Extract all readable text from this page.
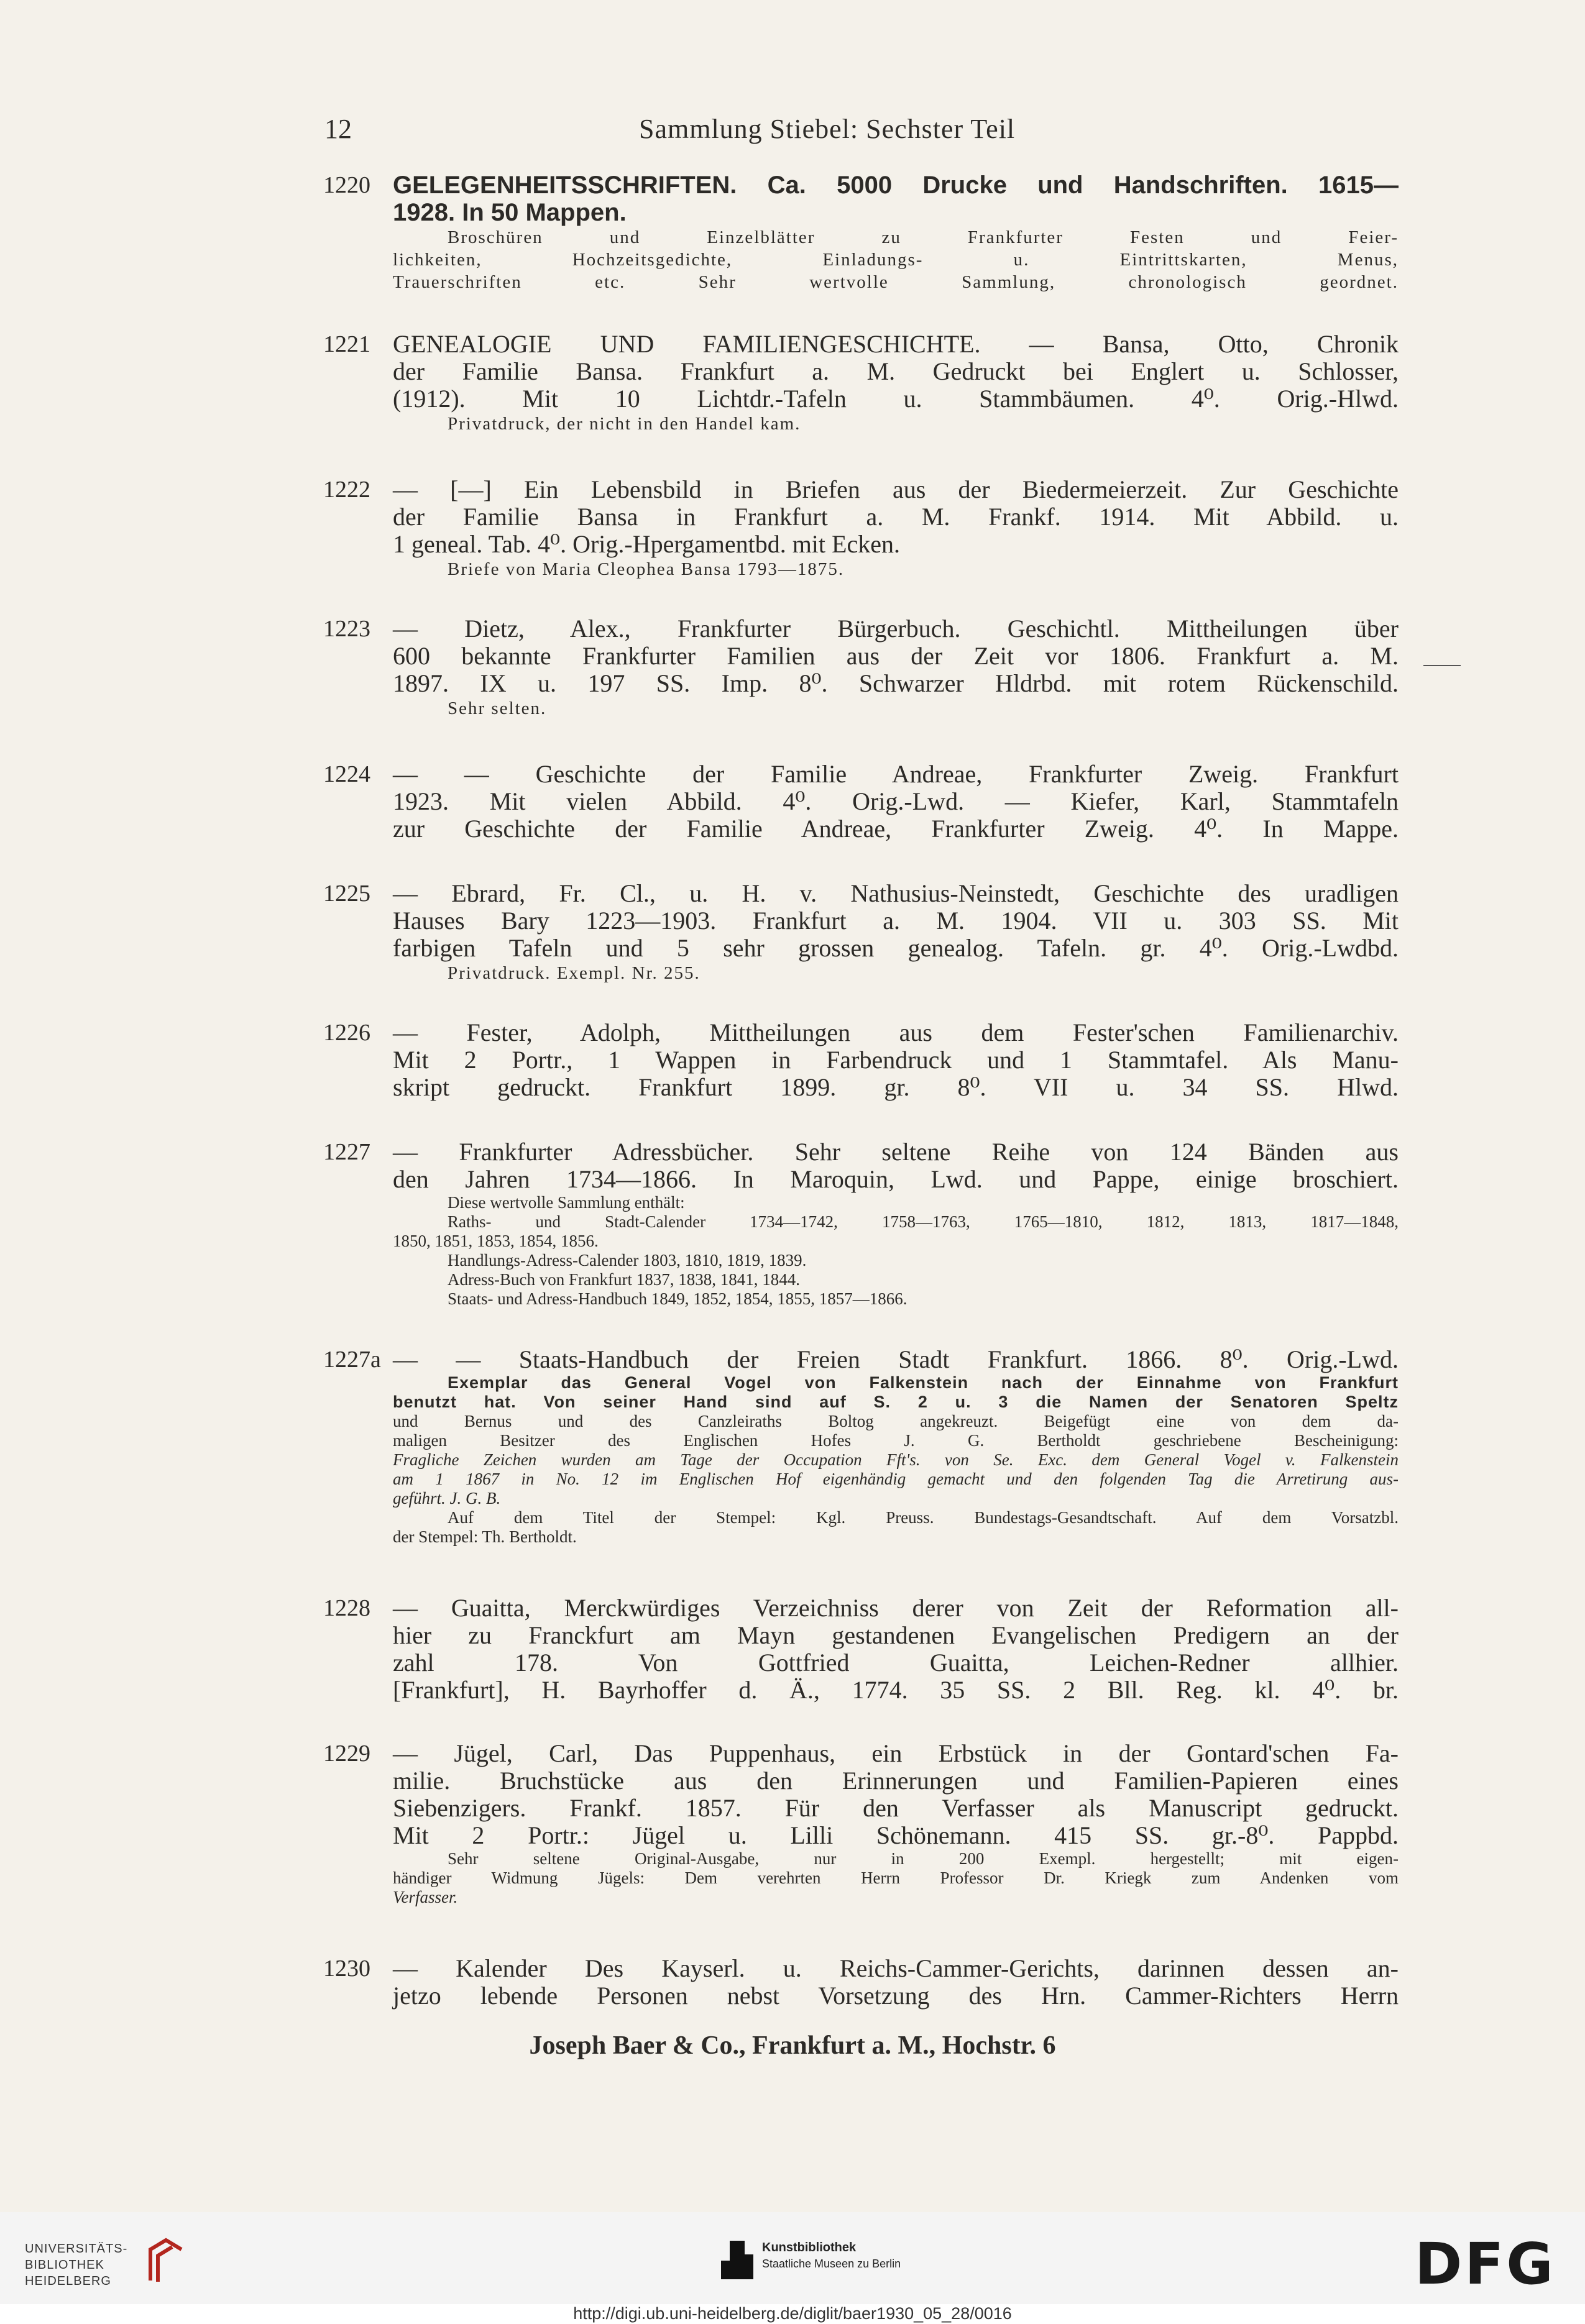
12	Sammlung Stiebel: Sechster Teil
1220 GELEGENHEITSSCHRIFTEN. Ca. 5000 Drucke und Handschriften. 1615—
1928. In 50 Mappen.
Broschüren und Einzelblätter zu Frankfurter Festen und Feier-
lichkeiten, Hochzeitsgedichte, Einladungs- u. Eintrittskarten, Menus,
Trauerschriften etc. Sehr wertvolle Sammlung, chronologisch geordnet.
1221 GENEALOGIE UND FAMILIENGESCHICHTE. — Bansa, Otto, Chronik
der Familie Bansa. Frankfurt a. M. Gedruckt bei Englert u. Schlosser,
(1912). Mit 10 Lichtdr.-Tafeln u. Stammbäumen. 4⁰. Orig.-Hlwd.
Privatdruck, der nicht in den Handel kam.
1222 — [—] Ein Lebensbild in Briefen aus der Biedermeierzeit. Zur Geschichte
der Familie Bansa in Frankfurt a. M. Frankf. 1914. Mit Abbild. u.
1 geneal. Tab. 4⁰. Orig.-Hpergamentbd. mit Ecken.
Briefe von Maria Cleophea Bansa 1793—1875.
1223 — Dietz, Alex., Frankfurter Bürgerbuch. Geschichtl. Mittheilungen über
600 bekannte Frankfurter Familien aus der Zeit vor 1806. Frankfurt a. M.
1897. IX u. 197 SS. Imp. 8⁰. Schwarzer Hldrbd. mit rotem Rückenschild.
Sehr selten.
1224 — — Geschichte der Familie Andreae, Frankfurter Zweig. Frankfurt
1923. Mit vielen Abbild. 4⁰. Orig.-Lwd. — Kiefer, Karl, Stammtafeln
zur Geschichte der Familie Andreae, Frankfurter Zweig. 4⁰. In Mappe.
1225 — Ebrard, Fr. Cl., u. H. v. Nathusius-Neinstedt, Geschichte des uradligen
Hauses Bary 1223—1903. Frankfurt a. M. 1904. VII u. 303 SS. Mit
farbigen Tafeln und 5 sehr grossen genealog. Tafeln. gr. 4⁰. Orig.-Lwdbd.
Privatdruck. Exempl. Nr. 255.
1226 — Fester, Adolph, Mittheilungen aus dem Fester'schen Familienarchiv.
Mit 2 Portr., 1 Wappen in Farbendruck und 1 Stammtafel. Als Manu-
skript gedruckt. Frankfurt 1899. gr. 8⁰. VII u. 34 SS. Hlwd.
1227 — Frankfurter Adressbücher. Sehr seltene Reihe von 124 Bänden aus
den Jahren 1734—1866. In Maroquin, Lwd. und Pappe, einige broschiert.
Diese wertvolle Sammlung enthält:
Raths- und Stadt-Calender 1734—1742, 1758—1763, 1765—1810, 1812, 1813, 1817—1848,
1850, 1851, 1853, 1854, 1856.
Handlungs-Adress-Calender 1803, 1810, 1819, 1839.
Adress-Buch von Frankfurt 1837, 1838, 1841, 1844.
Staats- und Adress-Handbuch 1849, 1852, 1854, 1855, 1857—1866.
1227a — — Staats-Handbuch der Freien Stadt Frankfurt. 1866. 8⁰. Orig.-Lwd.
Exemplar das General Vogel von Falkenstein nach der Einnahme von Frankfurt
benutzt hat. Von seiner Hand sind auf S. 2 u. 3 die Namen der Senatoren Speltz
und Bernus und des Canzleiraths Boltog angekreuzt. Beigefügt eine von dem da-
maligen Besitzer des Englischen Hofes J. G. Bertholdt geschriebene Bescheinigung:
Fragliche Zeichen wurden am Tage der Occupation Fft's. von Se. Exc. dem General Vogel v. Falkenstein
am 1 1867 in No. 12 im Englischen Hof eigenhändig gemacht und den folgenden Tag die Arretirung aus-
geführt. J. G. B.
Auf dem Titel der Stempel: Kgl. Preuss. Bundestags-Gesandtschaft. Auf dem Vorsatzbl.
der Stempel: Th. Bertholdt.
1228 — Guaitta, Merckwürdiges Verzeichniss derer von Zeit der Reformation all-
hier zu Franckfurt am Mayn gestandenen Evangelischen Predigern an der
zahl 178. Von Gottfried Guaitta, Leichen-Redner allhier.
[Frankfurt], H. Bayrhoffer d. Ä., 1774. 35 SS. 2 Bll. Reg. kl. 4⁰. br.
1229 — Jügel, Carl, Das Puppenhaus, ein Erbstück in der Gontard'schen Fa-
milie. Bruchstücke aus den Erinnerungen und Familien-Papieren eines
Siebenzigers. Frankf. 1857. Für den Verfasser als Manuscript gedruckt.
Mit 2 Portr.: Jügel u. Lilli Schönemann. 415 SS. gr.-8⁰. Pappbd.
Sehr seltene Original-Ausgabe, nur in 200 Exempl. hergestellt; mit eigen-
händiger Widmung Jügels: Dem verehrten Herrn Professor Dr. Kriegk zum Andenken vom
Verfasser.
1230 — Kalender Des Kayserl. u. Reichs-Cammer-Gerichts, darinnen dessen an-
jetzo lebende Personen nebst Vorsetzung des Hrn. Cammer-Richters Herrn
Joseph Baer & Co., Frankfurt a. M., Hochstr. 6
UNIVERSITÄTS-
BIBLIOTHEK
HEIDELBERG
Kunstbibliothek
Staatliche Museen zu Berlin	DFG
http://digi.ub.uni-heidelberg.de/diglit/baer1930_05_28/0016
